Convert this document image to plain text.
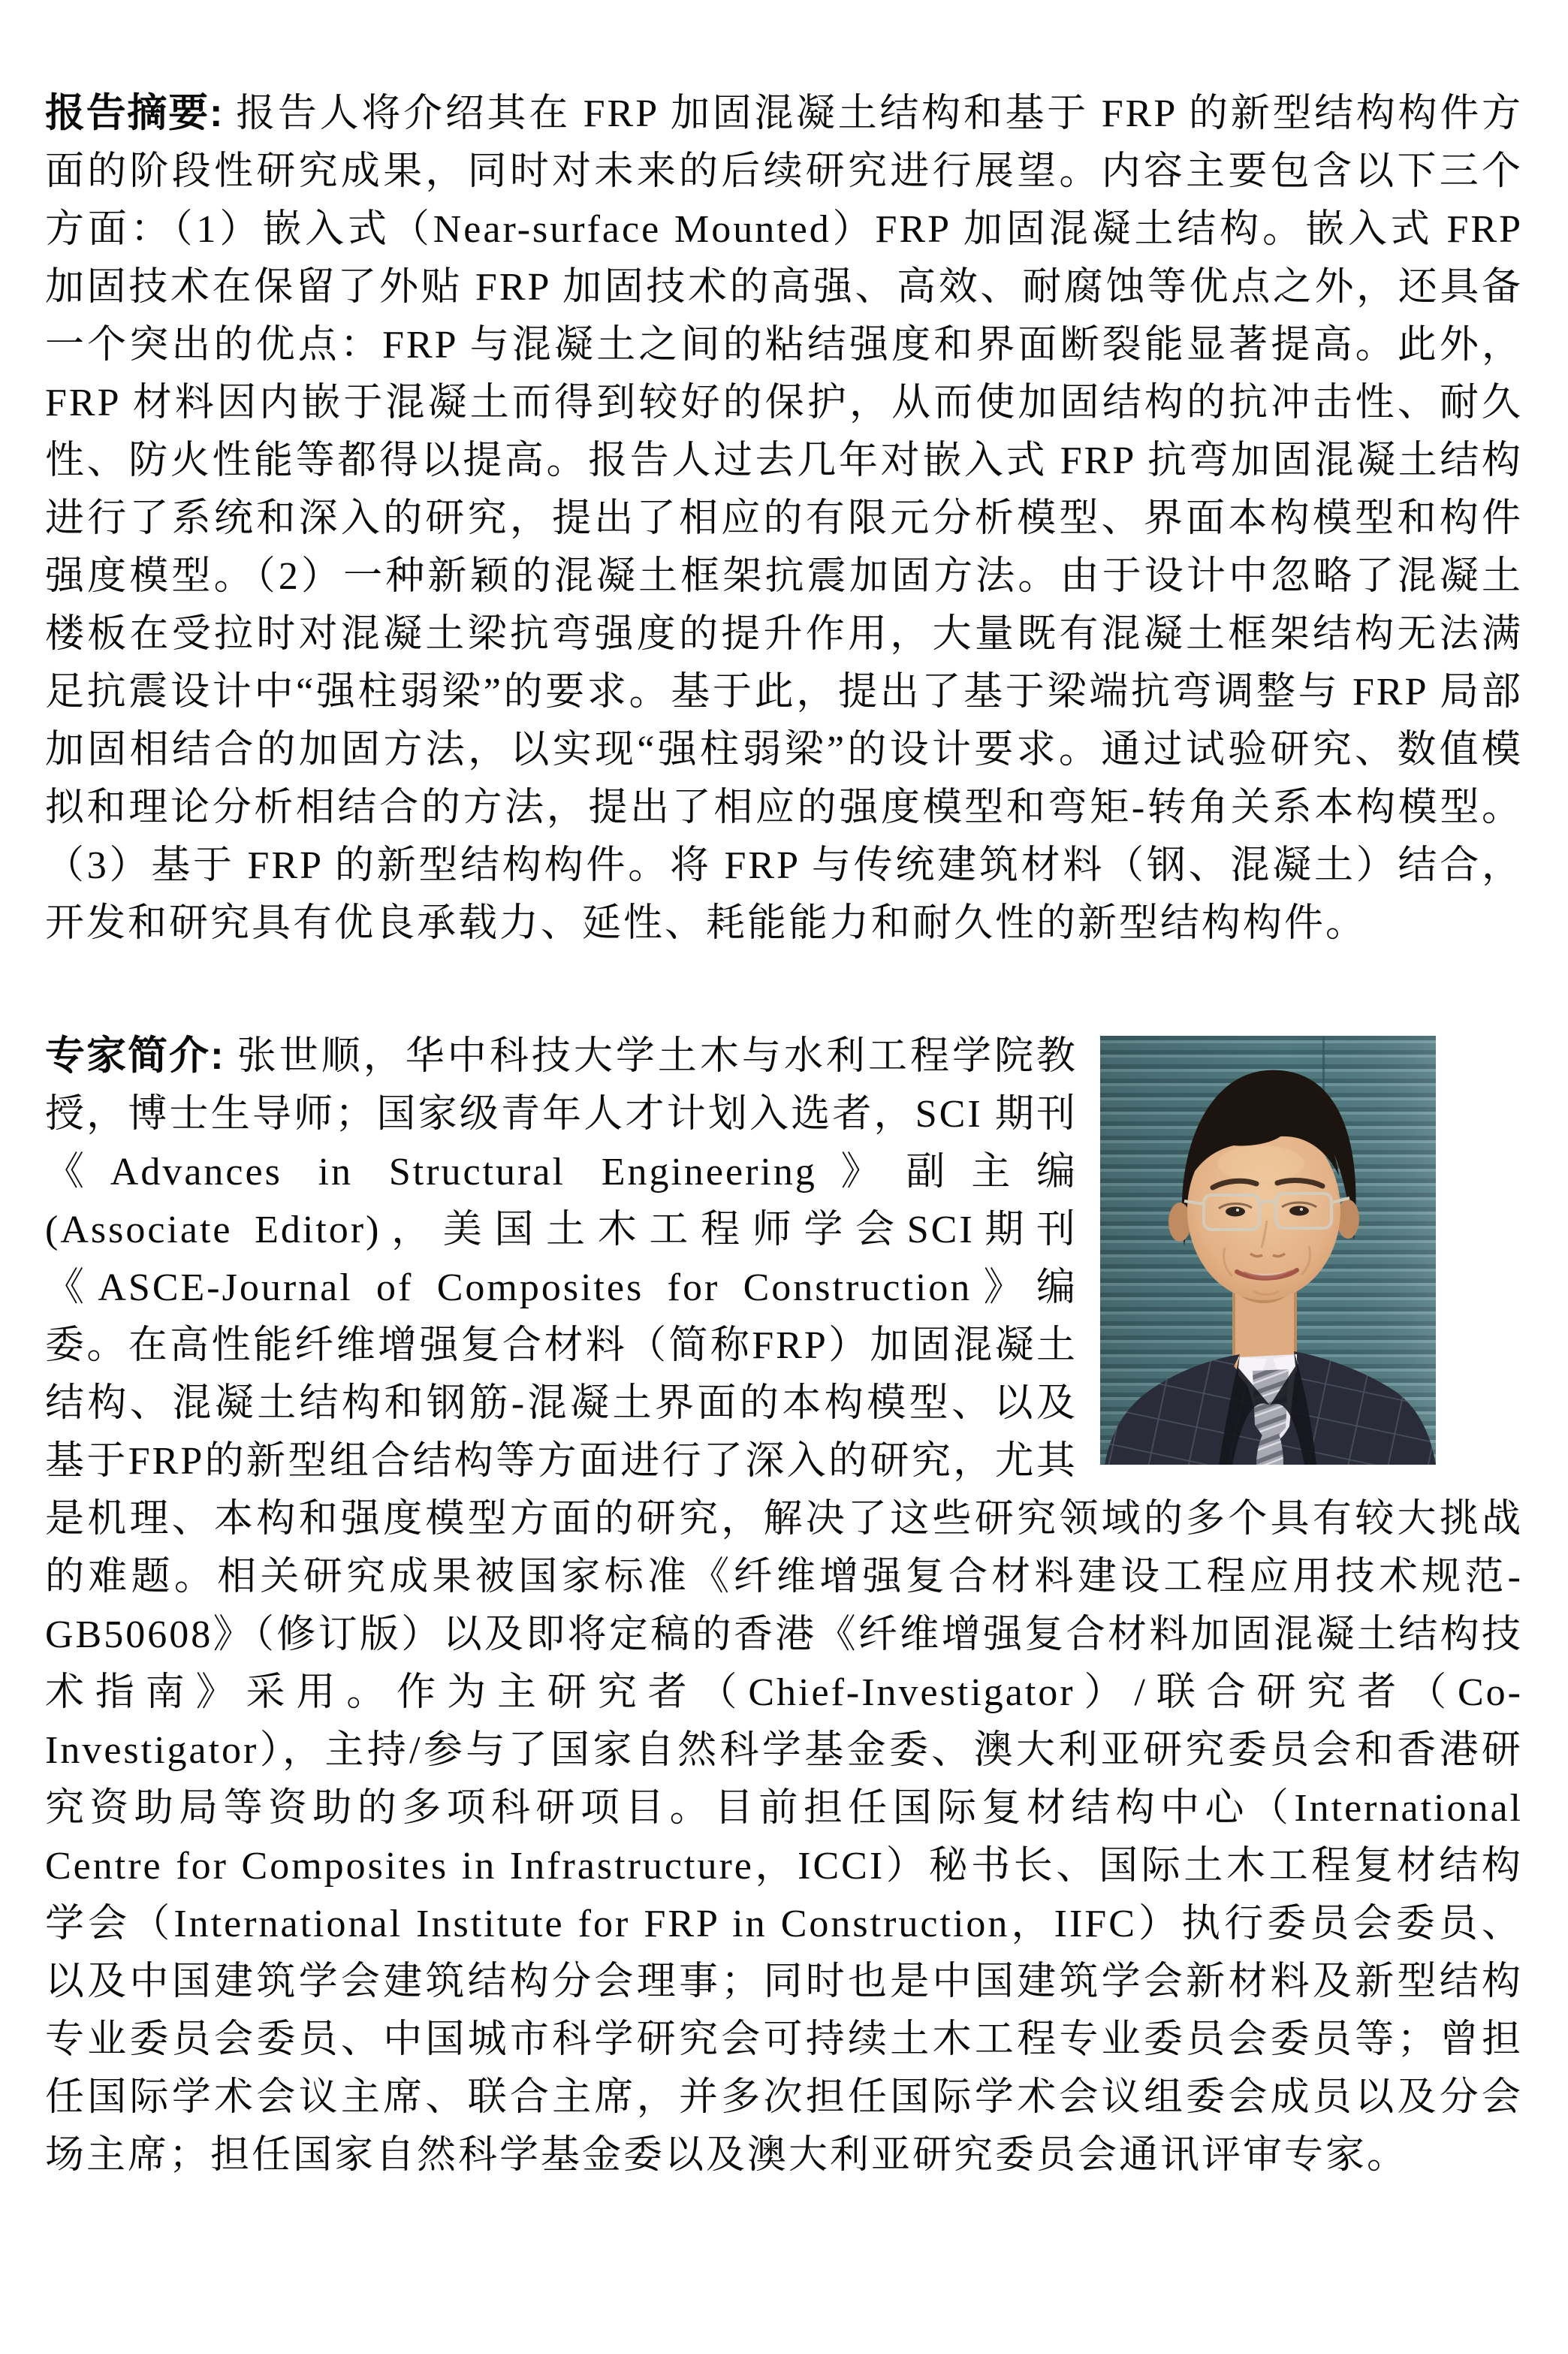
报告摘要: 报告人将介绍其在 FRP 加固混凝土结构和基于 FRP 的新型结构构件方面的阶段性研究成果，同时对未来的后续研究进行展望。内容主要包含以下三个方面：（1）嵌入式（Near-surface Mounted）FRP 加固混凝土结构。嵌入式 FRP 加固技术在保留了外贴 FRP 加固技术的高强、高效、耐腐蚀等优点之外，还具备一个突出的优点：FRP 与混凝土之间的粘结强度和界面断裂能显著提高。此外，FRP 材料因内嵌于混凝土而得到较好的保护，从而使加固结构的抗冲击性、耐久性、防火性能等都得以提高。报告人过去几年对嵌入式 FRP 抗弯加固混凝土结构进行了系统和深入的研究，提出了相应的有限元分析模型、界面本构模型和构件强度模型。（2）一种新颖的混凝土框架抗震加固方法。由于设计中忽略了混凝土楼板在受拉时对混凝土梁抗弯强度的提升作用，大量既有混凝土框架结构无法满足抗震设计中“强柱弱梁”的要求。基于此，提出了基于梁端抗弯调整与 FRP 局部加固相结合的加固方法，以实现“强柱弱梁”的设计要求。通过试验研究、数值模拟和理论分析相结合的方法，提出了相应的强度模型和弯矩-转角关系本构模型。（3）基于 FRP 的新型结构构件。将 FRP 与传统建筑材料（钢、混凝土）结合，开发和研究具有优良承载力、延性、耗能能力和耐久性的新型结构构件。

专家简介: 张世顺，华中科技大学土木与水利工程学院教授，博士生导师；国家级青年人才计划入选者，SCI 期刊《Advances in Structural Engineering》副主编 (Associate Editor)，美国土木工程师学会SCI期刊《ASCE-Journal of Composites for Construction》编委。在高性能纤维增强复合材料（简称FRP）加固混凝土结构、混凝土结构和钢筋-混凝土界面的本构模型、以及基于FRP的新型组合结构等方面进行了深入的研究，尤其是机理、本构和强度模型方面的研究，解决了这些研究领域的多个具有较大挑战的难题。相关研究成果被国家标准《纤维增强复合材料建设工程应用技术规范-GB50608》（修订版）以及即将定稿的香港《纤维增强复合材料加固混凝土结构技术指南》采用。作为主研究者（Chief-Investigator）/联合研究者（Co-Investigator），主持/参与了国家自然科学基金委、澳大利亚研究委员会和香港研究资助局等资助的多项科研项目。目前担任国际复材结构中心（International Centre for Composites in Infrastructure，ICCI）秘书长、国际土木工程复材结构学会（International Institute for FRP in Construction，IIFC）执行委员会委员、以及中国建筑学会建筑结构分会理事；同时也是中国建筑学会新材料及新型结构专业委员会委员、中国城市科学研究会可持续土木工程专业委员会委员等；曾担任国际学术会议主席、联合主席，并多次担任国际学术会议组委会成员以及分会场主席；担任国家自然科学基金委以及澳大利亚研究委员会通讯评审专家。
